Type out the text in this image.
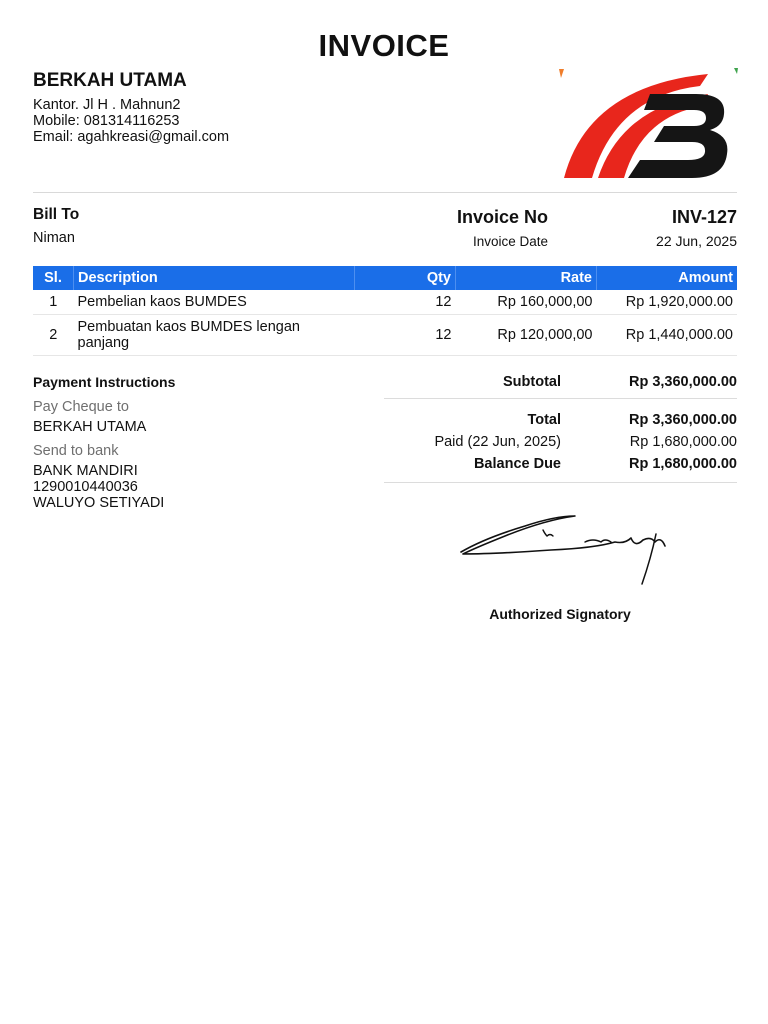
INVOICE
BERKAH UTAMA
Kantor. Jl H . Mahnun2
Mobile: 081314116253
Email: agahkreasi@gmail.com
Bill To
Niman
Invoice No	INV-127
Invoice Date	22 Jun, 2025
Sl.	Description	Qty	Rate	Amount
1	Pembelian kaos BUMDES	12	Rp 160,000,00	Rp 1,920,000.00
2	Pembuatan kaos BUMDES lengan panjang	12	Rp 120,000,00	Rp 1,440,000.00
Payment Instructions
Pay Cheque to
BERKAH UTAMA
Send to bank
BANK MANDIRI
1290010440036
WALUYO SETIYADI
Subtotal	Rp 3,360,000.00
Total	Rp 3,360,000.00
Paid (22 Jun, 2025)	Rp 1,680,000.00
Balance Due	Rp 1,680,000.00
Authorized Signatory
